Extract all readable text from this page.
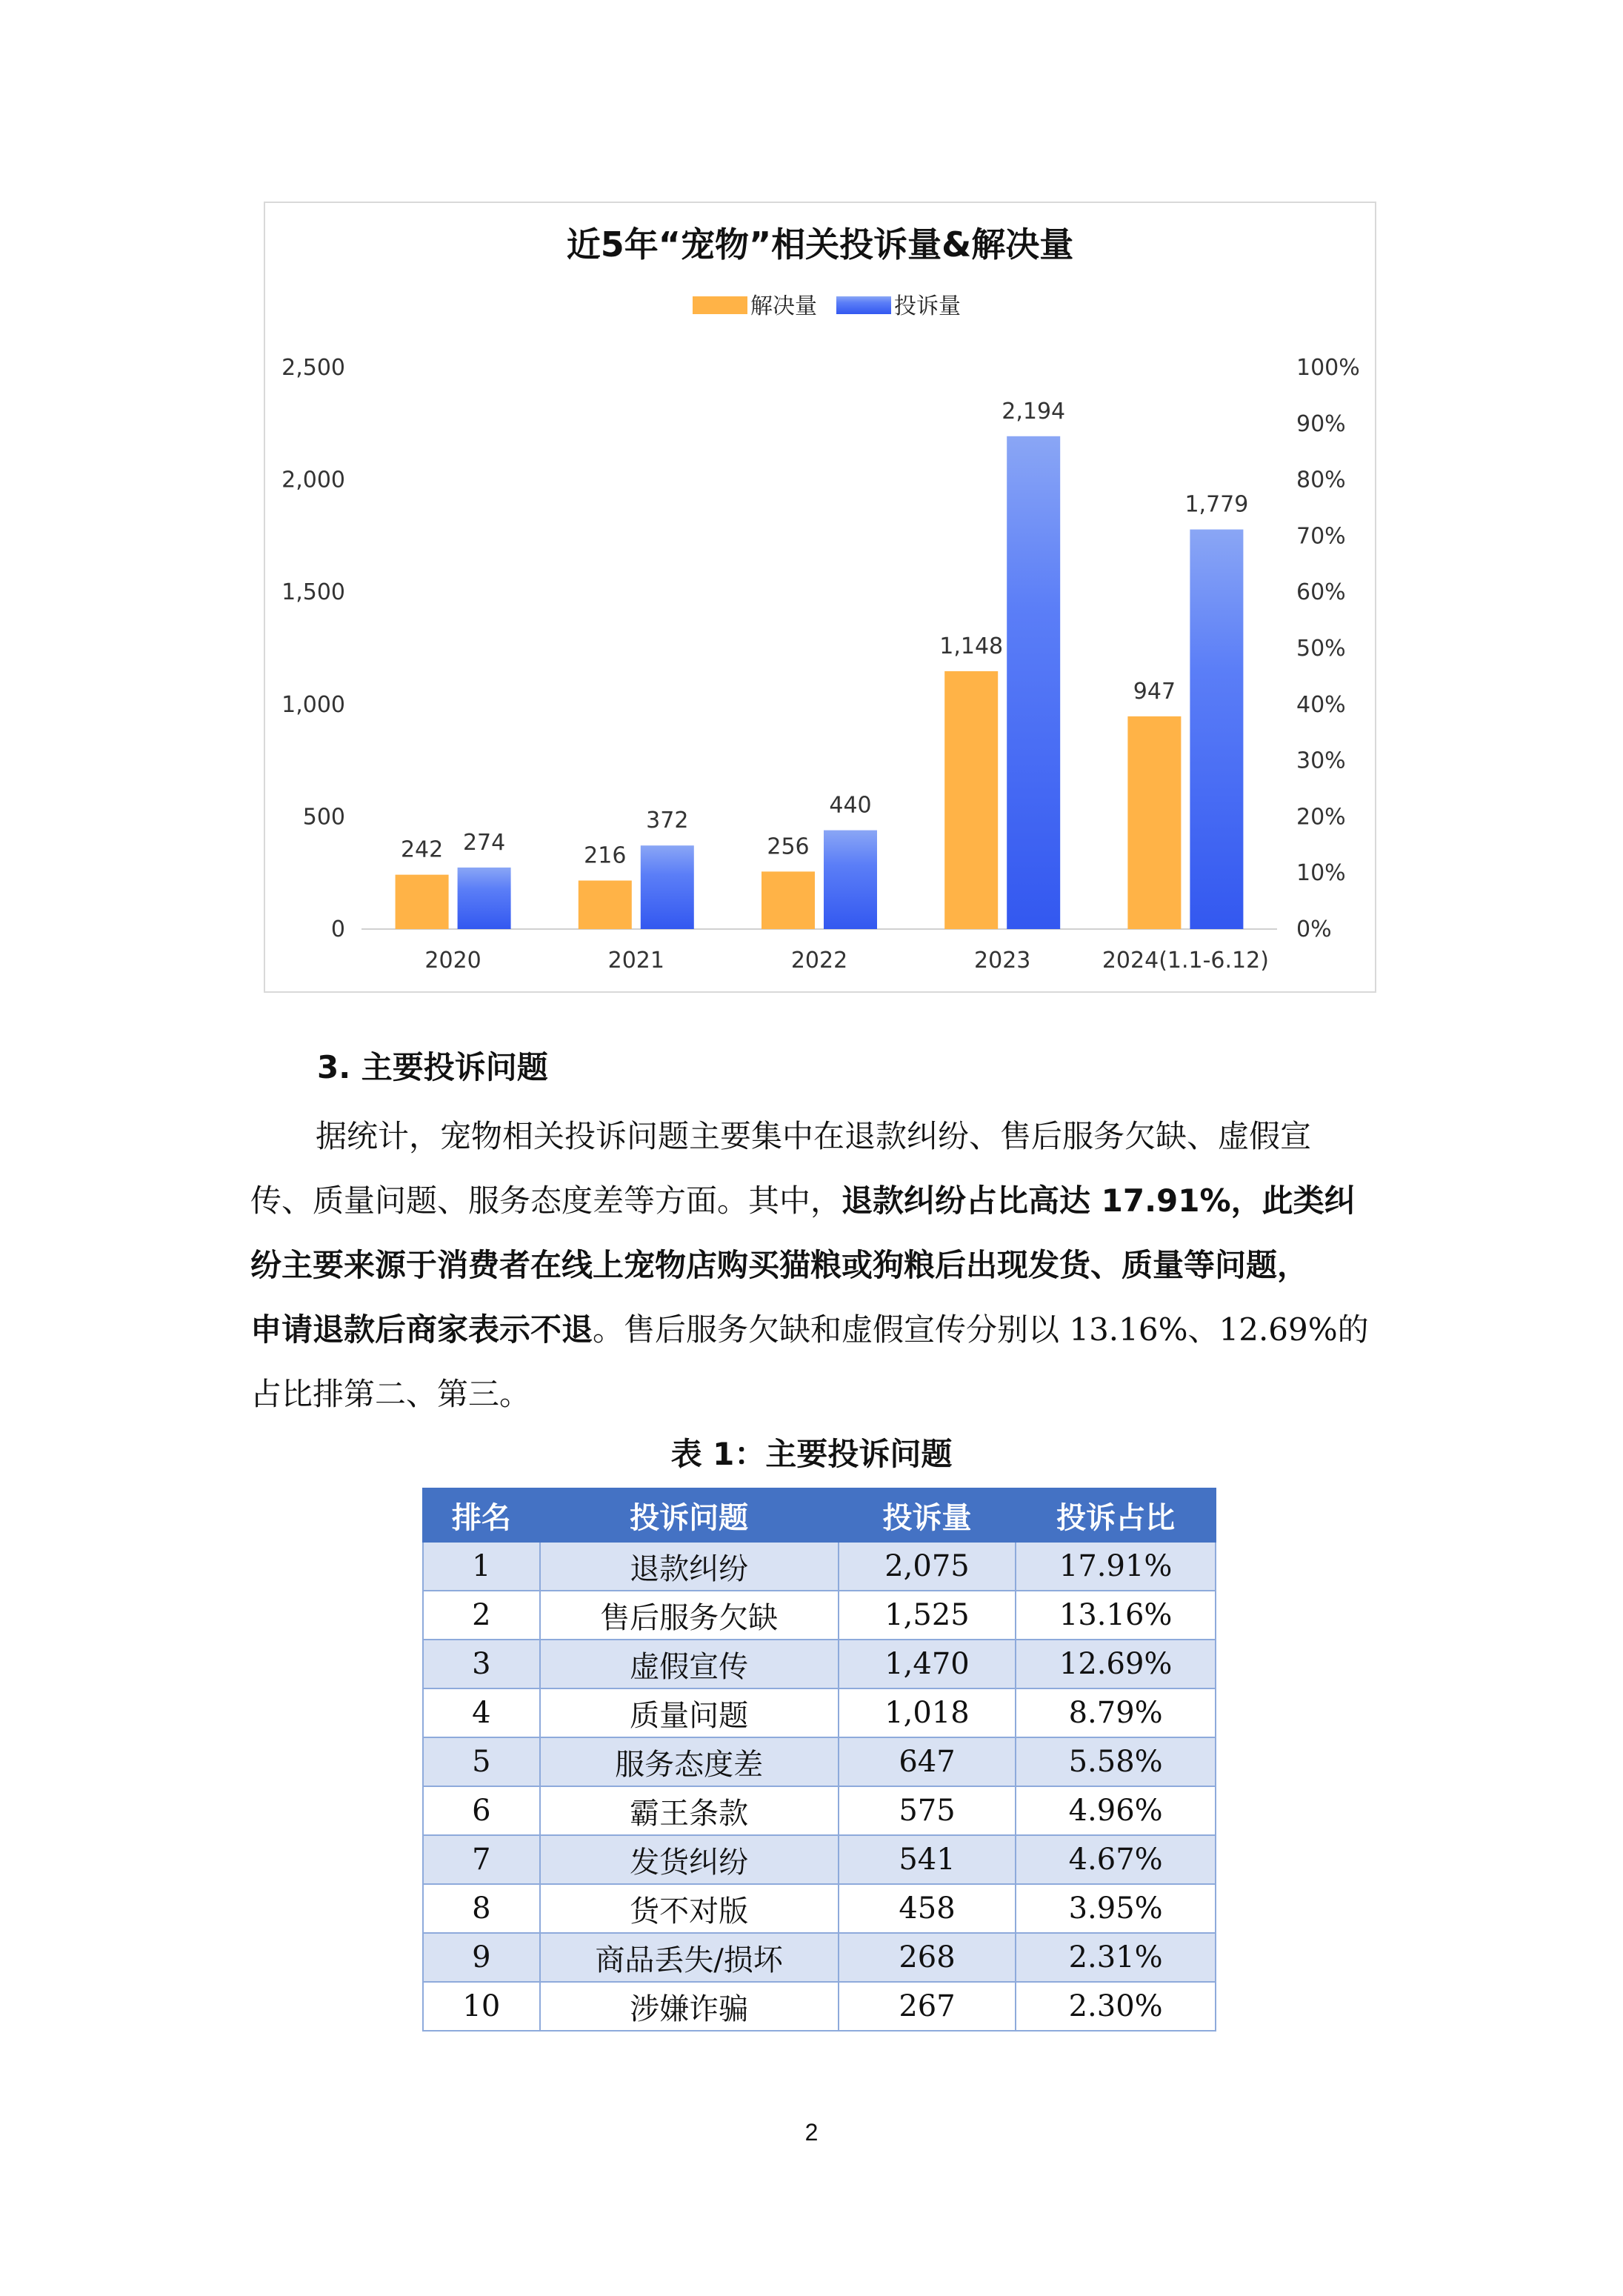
近5年“宠物”相关投诉量&解决量
解决量	投诉量
0
500
1,000
1,500
2,000
2,500
0%
10%
20%
30%
40%
50%
60%
70%
80%
90%
100%
242 274
2020
216
372
2021
256
440
2022
1,148
2,194
2023
947
1,779
2024(1.1-6.12)
3. 主要投诉问题
据统计，宠物相关投诉问题主要集中在退款纠纷、售后服务欠缺、虚假宣
传、质量问题、服务态度差等方面。其中，退款纠纷占比高达 17.91%，此类纠
纷主要来源于消费者在线上宠物店购买猫粮或狗粮后出现发货、质量等问题，
申请退款后商家表示不退。售后服务欠缺和虚假宣传分别以 13.16%、12.69%的
占比排第二、第三。
表 1：主要投诉问题
排名	投诉问题	投诉量	投诉占比
1	退款纠纷	2,075	17.91%
2	售后服务欠缺	1,525	13.16%
3	虚假宣传	1,470	12.69%
4	质量问题	1,018	8.79%
5	服务态度差	647	5.58%
6	霸王条款	575	4.96%
7	发货纠纷	541	4.67%
8	货不对版	458	3.95%
9	商品丢失/损坏	268	2.31%
10	涉嫌诈骗	267	2.30%
2
